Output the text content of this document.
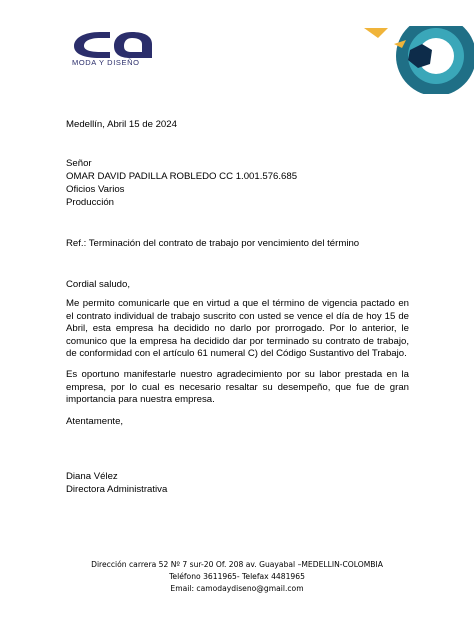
MODA Y DISEÑO
Medellín, Abril 15 de 2024
Señor
OMAR DAVID PADILLA ROBLEDO CC 1.001.576.685
Oficios Varios
Producción
Ref.: Terminación del contrato de trabajo por vencimiento del término
Cordial saludo,
Me permito comunicarle que en virtud a que el término de vigencia pactado en el contrato individual de trabajo suscrito con usted se vence el día de hoy 15 de Abril, esta empresa ha decidido no darlo por prorrogado. Por lo anterior, le comunico que la empresa ha decidido dar por terminado su contrato de trabajo, de conformidad con el artículo 61 numeral C) del Código Sustantivo del Trabajo.
Es oportuno manifestarle nuestro agradecimiento por su labor prestada en la empresa, por lo cual es necesario resaltar su desempeño, que fue de gran importancia para nuestra empresa.
Atentamente,
Diana Vélez
Directora Administrativa
Dirección carrera 52 Nº 7 sur-20 Of. 208 av. Guayabal –MEDELLIN-COLOMBIA
Teléfono 3611965- Telefax 4481965
Email: camodaydiseno@gmail.com
